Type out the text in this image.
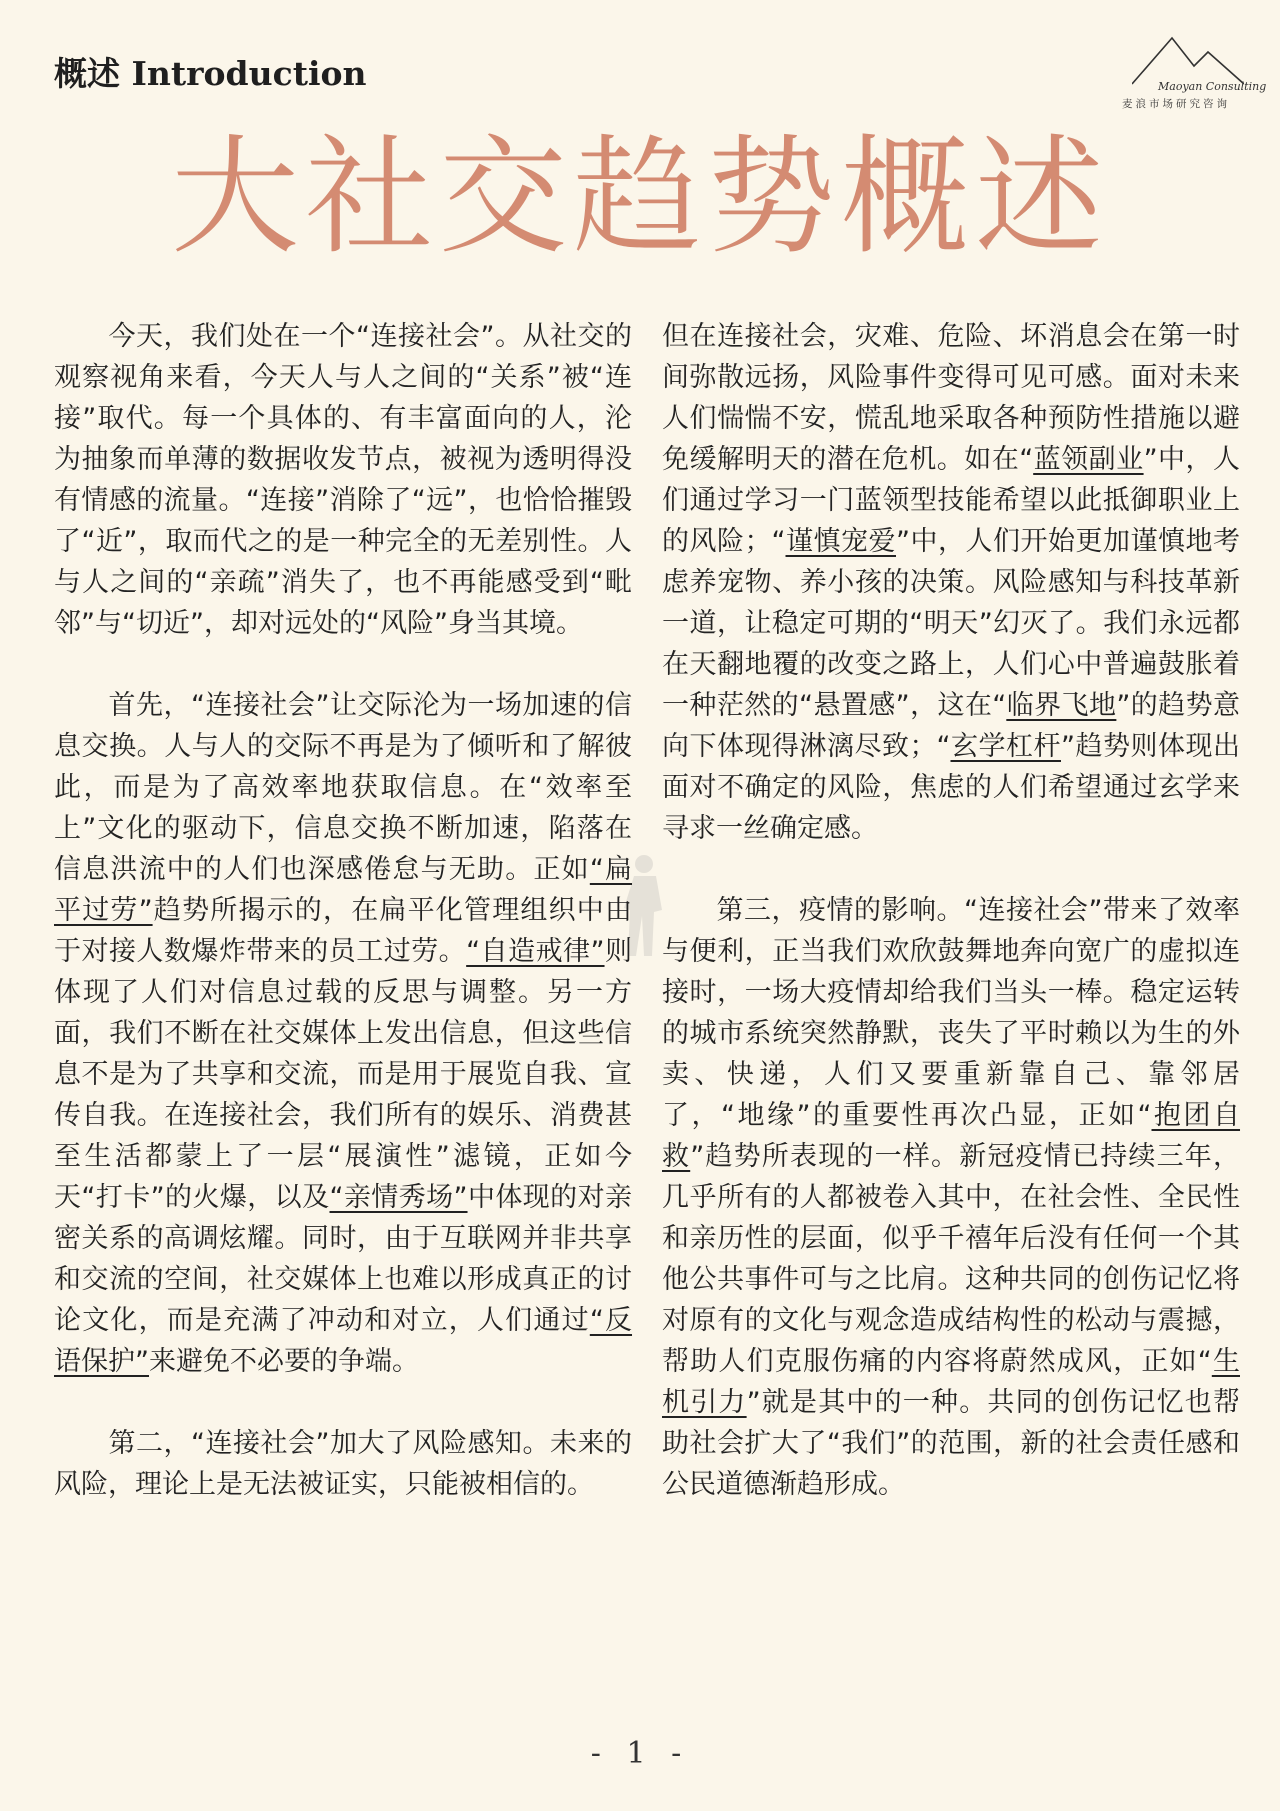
概述 Introduction	Maoyan Consulting
麦浪市场研究咨询
大社交趋势概述

今天，我们处在一个“连接社会”。从社交的观察视角来看，今天人与人之间的“关系”被“连接”取代。每一个具体的、有丰富面向的人，沦为抽象而单薄的数据收发节点，被视为透明得没有情感的流量。“连接”消除了“远”，也恰恰摧毁了“近”，取而代之的是一种完全的无差别性。人与人之间的“亲疏”消失了，也不再能感受到“毗邻”与“切近”，却对远处的“风险”身当其境。

首先，“连接社会”让交际沦为一场加速的信息交换。人与人的交际不再是为了倾听和了解彼此，而是为了高效率地获取信息。在“效率至上”文化的驱动下，信息交换不断加速，陷落在信息洪流中的人们也深感倦怠与无助。正如“扁平过劳”趋势所揭示的，在扁平化管理组织中由于对接人数爆炸带来的员工过劳。“自造戒律”则体现了人们对信息过载的反思与调整。另一方面，我们不断在社交媒体上发出信息，但这些信息不是为了共享和交流，而是用于展览自我、宣传自我。在连接社会，我们所有的娱乐、消费甚至生活都蒙上了一层“展演性”滤镜，正如今天“打卡”的火爆，以及“亲情秀场”中体现的对亲密关系的高调炫耀。同时，由于互联网并非共享和交流的空间，社交媒体上也难以形成真正的讨论文化，而是充满了冲动和对立，人们通过“反语保护”来避免不必要的争端。

第二，“连接社会”加大了风险感知。未来的风险，理论上是无法被证实，只能被相信的。

但在连接社会，灾难、危险、坏消息会在第一时间弥散远扬，风险事件变得可见可感。面对未来人们惴惴不安，慌乱地采取各种预防性措施以避免缓解明天的潜在危机。如在“蓝领副业”中，人们通过学习一门蓝领型技能希望以此抵御职业上的风险；“谨慎宠爱”中，人们开始更加谨慎地考虑养宠物、养小孩的决策。风险感知与科技革新一道，让稳定可期的“明天”幻灭了。我们永远都在天翻地覆的改变之路上，人们心中普遍鼓胀着一种茫然的“悬置感”，这在“临界飞地”的趋势意向下体现得淋漓尽致；“玄学杠杆”趋势则体现出面对不确定的风险，焦虑的人们希望通过玄学来寻求一丝确定感。

第三，疫情的影响。“连接社会”带来了效率与便利，正当我们欢欣鼓舞地奔向宽广的虚拟连接时，一场大疫情却给我们当头一棒。稳定运转的城市系统突然静默，丧失了平时赖以为生的外卖、快递，人们又要重新靠自己、靠邻居了，“地缘”的重要性再次凸显，正如“抱团自救”趋势所表现的一样。新冠疫情已持续三年，几乎所有的人都被卷入其中，在社会性、全民性和亲历性的层面，似乎千禧年后没有任何一个其他公共事件可与之比肩。这种共同的创伤记忆将对原有的文化与观念造成结构性的松动与震撼，帮助人们克服伤痛的内容将蔚然成风，正如“生机引力”就是其中的一种。共同的创伤记忆也帮助社会扩大了“我们”的范围，新的社会责任感和公民道德渐趋形成。

- 1 -
